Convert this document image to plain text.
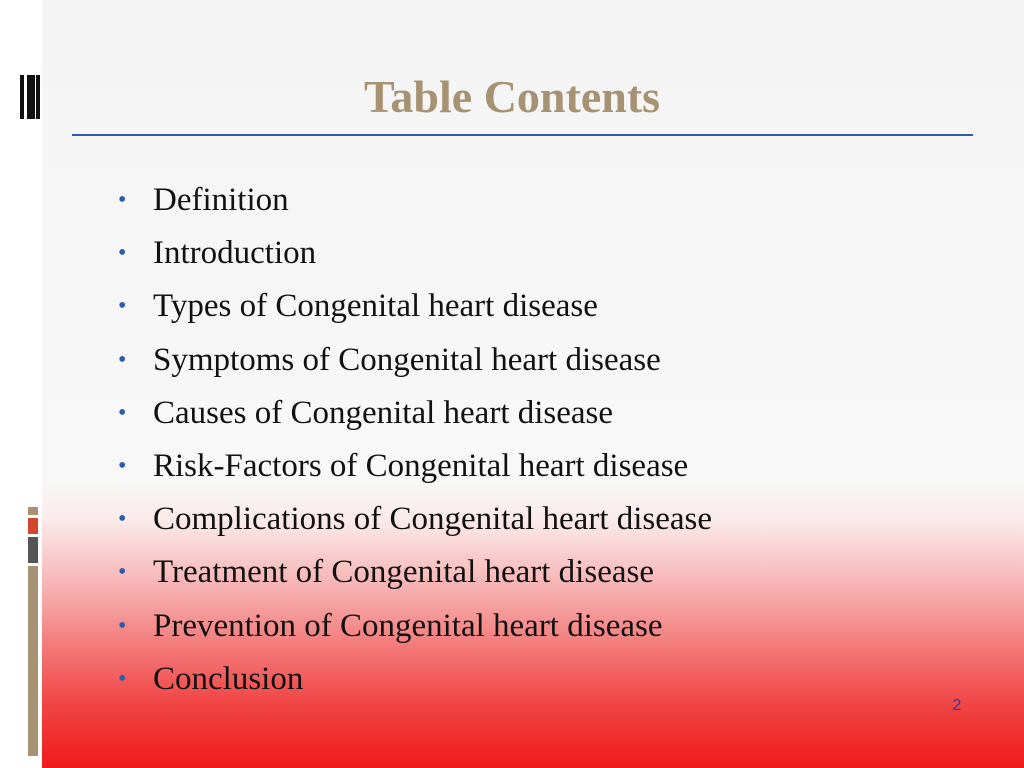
Table Contents
• Definition
• Introduction
• Types of Congenital heart disease
• Symptoms of Congenital heart disease
• Causes of Congenital heart disease
• Risk-Factors of Congenital heart disease
• Complications of Congenital heart disease
• Treatment of Congenital heart disease
• Prevention of Congenital heart disease
• Conclusion
2
